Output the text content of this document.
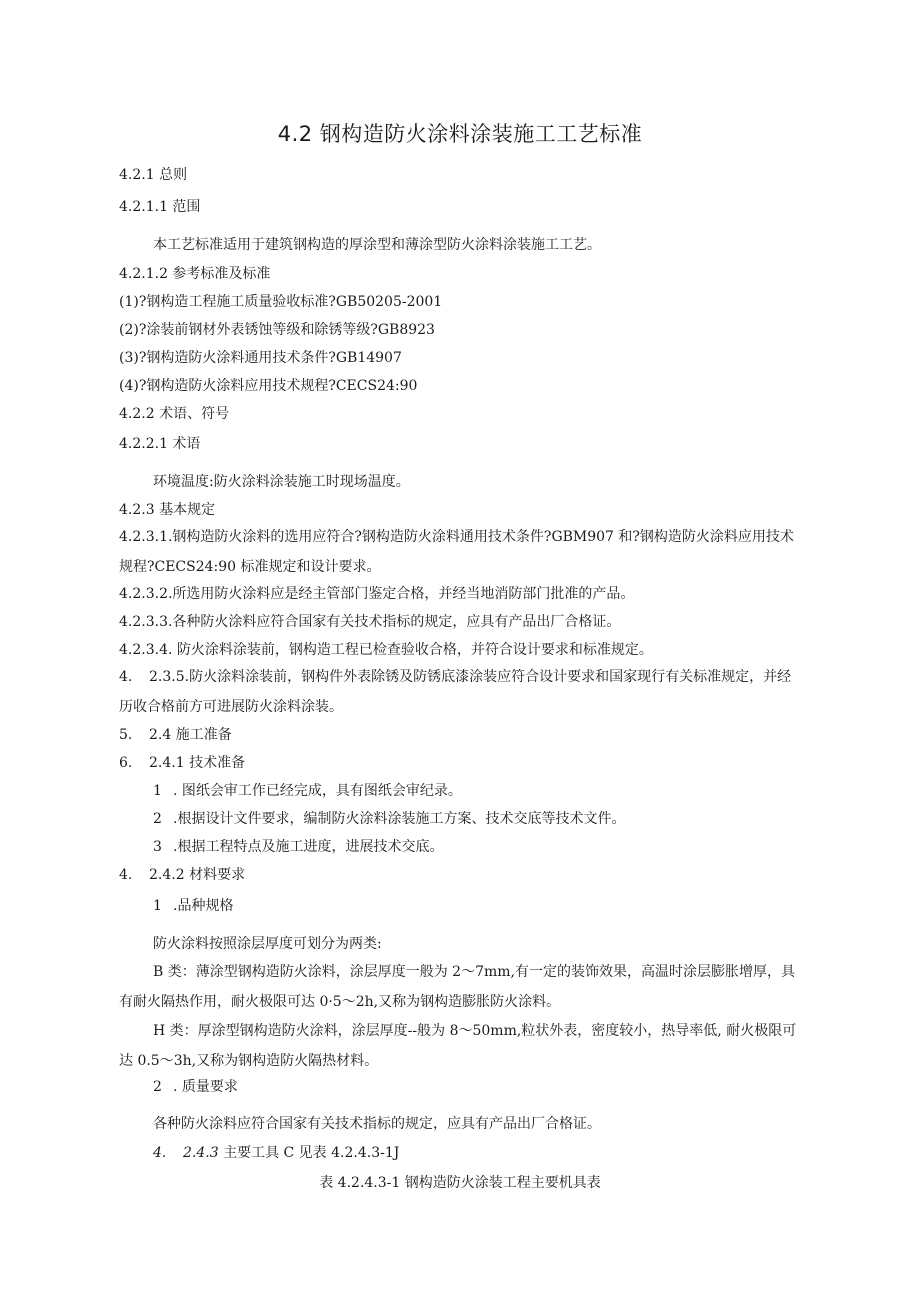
4.2 钢构造防火涂料涂装施工工艺标准
4.2.1 总则
4.2.1.1 范围
本工艺标准适用于建筑钢构造的厚涂型和薄涂型防火涂料涂装施工工艺。
4.2.1.2 参考标准及标准
(1)?钢构造工程施工质量验收标准?GB50205-2001
(2)?涂装前钢材外表锈蚀等级和除锈等级?GB8923
(3)?钢构造防火涂料通用技术条件?GB14907
(4)?钢构造防火涂料应用技术规程?CECS24:90
4.2.2 术语、符号
4.2.2.1 术语
环境温度:防火涂料涂装施工时现场温度。
4.2.3 基本规定
4.2.3.1.钢构造防火涂料的选用应符合?钢构造防火涂料通用技术条件?GBM907 和?钢构造防火涂料应用技术规程?CECS24:90 标准规定和设计要求。
4.2.3.2.所选用防火涂料应是经主管部门鉴定合格，并经当地消防部门批准的产品。
4.2.3.3.各种防火涂料应符合国家有关技术指标的规定，应具有产品出厂合格证。
4.2.3.4. 防火涂料涂装前，钢构造工程已检查验收合格，并符合设计要求和标准规定。
4. 2.3.5.防火涂料涂装前，钢构件外表除锈及防锈底漆涂装应符合设计要求和国家现行有关标准规定，并经历收合格前方可进展防火涂料涂装。
5. 2.4 施工准备
6. 2.4.1 技术准备
1 . 图纸会审工作已经完成，具有图纸会审纪录。
2 .根据设计文件要求，编制防火涂料涂装施工方案、技术交底等技术文件。
3 .根据工程特点及施工进度，进展技术交底。
4. 2.4.2 材料要求
1 .品种规格
防火涂料按照涂层厚度可划分为两类:
B 类：薄涂型钢构造防火涂料，涂层厚度一般为 2～7mm,有一定的装饰效果，高温时涂层膨胀增厚，具有耐火隔热作用，耐火极限可达 0·5～2h,又称为钢构造膨胀防火涂料。
H 类：厚涂型钢构造防火涂料，涂层厚度--般为 8～50mm,粒状外表，密度较小，热导率低, 耐火极限可达 0.5～3h,又称为钢构造防火隔热材料。
2 . 质量要求
各种防火涂料应符合国家有关技术指标的规定，应具有产品出厂合格证。
4. 2.4.3 主要工具 C 见表 4.2.4.3-1J
表 4.2.4.3-1 钢构造防火涂装工程主要机具表
